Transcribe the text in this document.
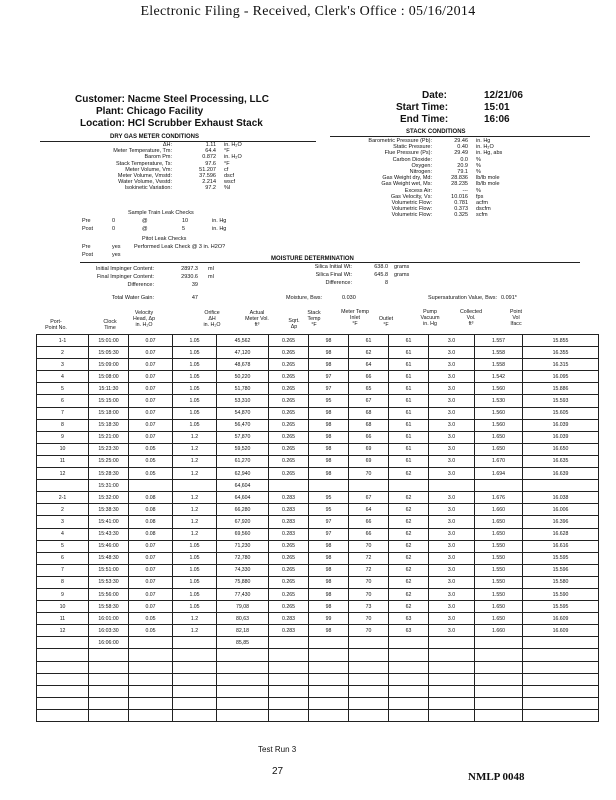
Electronic Filing - Received, Clerk's Office : 05/16/2014
Customer: Nacme Steel Processing, LLC
Plant: Chicago Facility
Location: HCl Scrubber Exhaust Stack
Date:	12/21/06
Start Time:	15:01
End Time:	16:06
DRY GAS METER CONDITIONS
ΔH:	1.11	in. H₂O
Meter Temperature, Tm:	64.4	°F
Barom Pm:	0.872	in. H₂O
Stack Temperature, Ts:	97.6	°F
Meter Volume, Vm:	51.207	cf
Meter Volume, Vmstd:	37.596	dscf
Water Volume, Vwstd:	2.214	wscf
Isokinetic Variation:	97.2	%I
Sample Train Leak Checks
Pre	0	@	10	in. Hg
Post	0	@	5	in. Hg
Pitot Leak Checks
Pre	yes	Performed Leak Check @ 3 in. H2O?
Post	yes
STACK CONDITIONS
Barometric Pressure (Pb):	29.46	in. Hg
Static Pressure:	0.40	in. H₂O
Flue Pressure (Ps):	29.49	in. Hg, abs
Carbon Dioxide:	0.0	%
Oxygen:	20.9	%
Nitrogen:	79.1	%
Gas Weight dry, Md:	28.836	lb/lb mole
Gas Weight wet, Ms:	28.235	lb/lb mole
Excess Air:	---	%
Gas Velocity, Vs:	10.016	fps
Volumetric Flow:	0.781	acfm
Volumetric Flow:	0.373	dscfm
Volumetric Flow:	0.325	scfm
MOISTURE DETERMINATION
Initial Impinger Content:	2897.3	ml
Final Impinger Content:	2930.6	ml
Difference:	39
Total Water Gain:	47
Silica Initial Wt:	638.0	grams
Silica Final Wt:	645.8	grams
Difference:	8
Moisture, Bws:	0.030	Supersaturation Value, Bws: 0.091*
Port-
Point No.
Clock
Time
Velocity
Head, Δp
in. H₂O
Orifice
ΔH
in. H₂O
Actual
Meter Vol.
ft³
Sqrt.
Δp
Stack
Temp
°F
Meter Temp
Inlet
°F
Outlet
°F
Pump
Vacuum
in. Hg
Collected
Vol.
ft³
Point
Vol
Ifacc
1-1	15:01:00	0.07	1.05	45,562	0.265	98	61	61	3.0	1.557	15.855
2	15:05:30	0.07	1.05	47,120	0.265	98	62	61	3.0	1.558	16.355
3	15:09:00	0.07	1.05	48,678	0.265	98	64	61	3.0	1.558	16.315
4	15:08:00	0.07	1.05	50,220	0.265	97	66	61	3.0	1.542	16.095
5	15:11:30	0.07	1.05	51,780	0.265	97	65	61	3.0	1.560	15.886
6	15:15:00	0.07	1.05	53,310	0.265	95	67	61	3.0	1.530	15.593
7	15:18:00	0.07	1.05	54,870	0.265	98	68	61	3.0	1.560	15.605
8	15:18:30	0.07	1.05	56,470	0.265	98	68	61	3.0	1.560	16.039
9	15:21:00	0.07	1.2	57,870	0.265	98	66	61	3.0	1.650	16.039
10	15:23:30	0.05	1.2	59,520	0.265	98	69	61	3.0	1.650	16.650
11	15:25:00	0.05	1.2	61,270	0.265	98	69	61	3.0	1.670	16.635
12	15:28:30	0.05	1.2	62,940	0.265	98	70	62	3.0	1.694	16.639
	15:31:00			64,604							
2-1	15:32:00	0.08	1.2	64,604	0.283	95	67	62	3.0	1.676	16.038
2	15:38:30	0.08	1.2	66,280	0.283	95	64	62	3.0	1.660	16.006
3	15:41:00	0.08	1.2	67,920	0.283	97	66	62	3.0	1.650	16.396
4	15:43:30	0.08	1.2	69,560	0.283	97	66	62	3.0	1.650	16.628
5	15:46:00	0.07	1.05	71,230	0.265	98	70	62	3.0	1.550	16.616
6	15:48:30	0.07	1.05	72,780	0.265	98	72	62	3.0	1.550	15.595
7	15:51:00	0.07	1.05	74,330	0.265	98	72	62	3.0	1.550	15.596
8	15:53:30	0.07	1.05	75,880	0.265	98	70	62	3.0	1.550	15.580
9	15:56:00	0.07	1.05	77,430	0.265	98	70	62	3.0	1.550	15.590
10	15:58:30	0.07	1.05	79,08	0.265	98	73	62	3.0	1.650	15.595
11	16:01:00	0.05	1.2	80,63	0.283	99	70	63	3.0	1.650	16.609
12	16:03:30	0.05	1.2	82,18	0.283	98	70	63	3.0	1.660	16.609
	16:06:00			85,85							

Test Run 3
27	NMLP 0048
